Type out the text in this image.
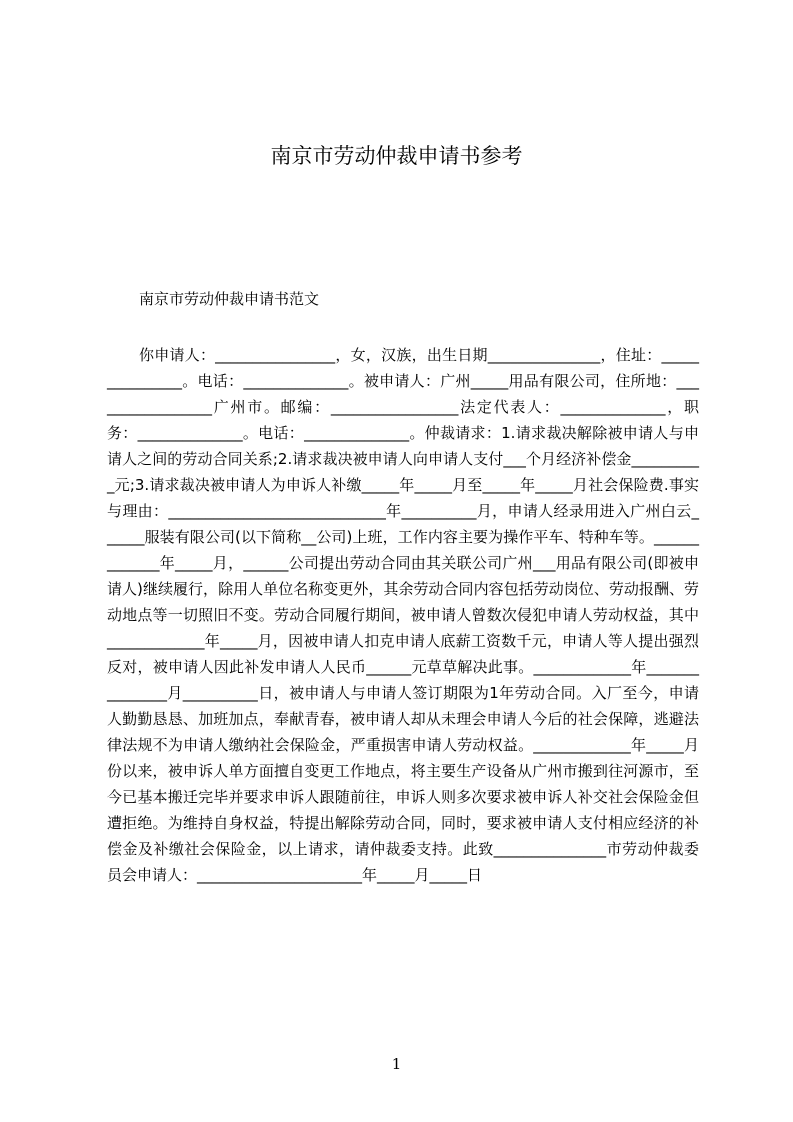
南京市劳动仲裁申请书参考
南京市劳动仲裁申请书范文
你申请人：________________，女，汉族，出生日期_______________，住址：_______________。电话：______________。被申请人：广州_____用品有限公司，住所地：_________________广州市。邮编：_________________法定代表人：______________，职务：______________。电话：______________。仲裁请求：1.请求裁决解除被申请人与申请人之间的劳动合同关系;2.请求裁决被申请人向申请人支付___个月经济补偿金__________元;3.请求裁决被申请人为申诉人补缴_____年_____月至_____年_____月社会保险费.事实与理由：_____________________________年__________月，申请人经录用进入广州白云______服装有限公司(以下简称__公司)上班，工作内容主要为操作平车、特种车等。_____________年_____月，______公司提出劳动合同由其关联公司广州___用品有限公司(即被申请人)继续履行，除用人单位名称变更外，其余劳动合同内容包括劳动岗位、劳动报酬、劳动地点等一切照旧不变。劳动合同履行期间，被申请人曾数次侵犯申请人劳动权益，其中_____________年_____月，因被申请人扣克申请人底薪工资数千元，申请人等人提出强烈反对，被申请人因此补发申请人人民币______元草草解决此事。_____________年_______________月__________日，被申请人与申请人签订期限为1年劳动合同。入厂至今，申请人勤勤恳恳、加班加点，奉献青春，被申请人却从未理会申请人今后的社会保障，逃避法律法规不为申请人缴纳社会保险金，严重损害申请人劳动权益。_____________年_____月份以来，被申诉人单方面擅自变更工作地点，将主要生产设备从广州市搬到往河源市，至今已基本搬迁完毕并要求申诉人跟随前往，申诉人则多次要求被申诉人补交社会保险金但遭拒绝。为维持自身权益，特提出解除劳动合同，同时，要求被申请人支付相应经济的补偿金及补缴社会保险金，以上请求，请仲裁委支持。此致_______________市劳动仲裁委员会申请人：______________________年_____月_____日
1
